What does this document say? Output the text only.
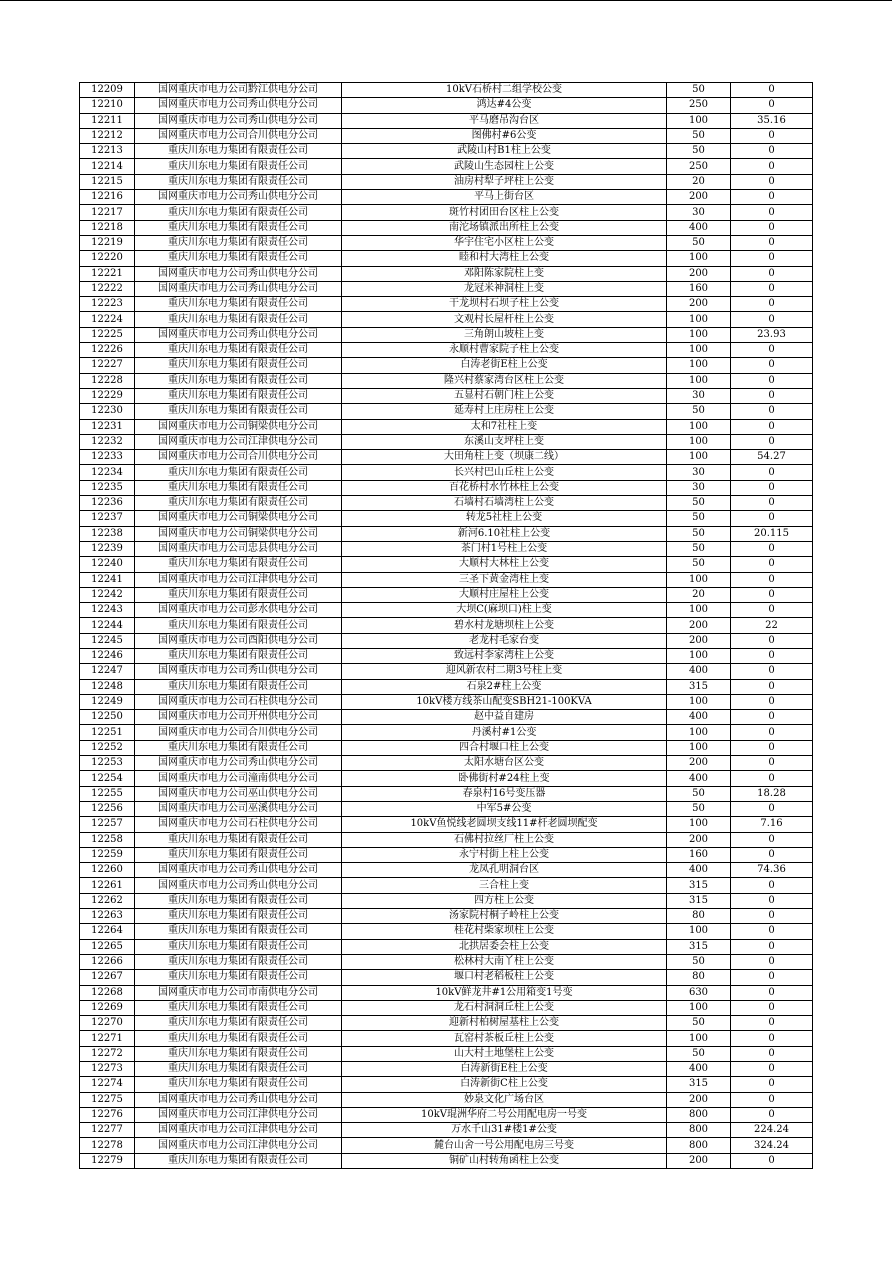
12209	国网重庆市电力公司黔江供电分公司	10kV石桥村二组学校公变	50	0
12210	国网重庆市电力公司秀山供电分公司	鸿达#4公变	250	0
12211	国网重庆市电力公司秀山供电分公司	平马磨吊沟台区	100	35.16
12212	国网重庆市电力公司合川供电分公司	图佛村#6公变	50	0
12213	重庆川东电力集团有限责任公司	武陵山村B1柱上公变	50	0
12214	重庆川东电力集团有限责任公司	武陵山生态园柱上公变	250	0
12215	重庆川东电力集团有限责任公司	油房村犁子坪柱上公变	20	0
12216	国网重庆市电力公司秀山供电分公司	平马上街台区	200	0
12217	重庆川东电力集团有限责任公司	斑竹村团田台区柱上公变	30	0
12218	重庆川东电力集团有限责任公司	南沱场镇派出所柱上公变	400	0
12219	重庆川东电力集团有限责任公司	华宇住宅小区柱上公变	50	0
12220	重庆川东电力集团有限责任公司	睦和村大湾柱上公变	100	0
12221	国网重庆市电力公司秀山供电分公司	邓阳陈家院柱上变	200	0
12222	国网重庆市电力公司秀山供电分公司	龙冠米神洞柱上变	160	0
12223	重庆川东电力集团有限责任公司	干龙坝村石坝子柱上公变	200	0
12224	重庆川东电力集团有限责任公司	文观村长屋杆柱上公变	100	0
12225	国网重庆市电力公司秀山供电分公司	三角朗山坡柱上变	100	23.93
12226	重庆川东电力集团有限责任公司	永顺村曹家院子柱上公变	100	0
12227	重庆川东电力集团有限责任公司	白涛老街E柱上公变	100	0
12228	重庆川东电力集团有限责任公司	隆兴村蔡家湾台区柱上公变	100	0
12229	重庆川东电力集团有限责任公司	五显村石朝门柱上公变	30	0
12230	重庆川东电力集团有限责任公司	延寿村上庄房柱上公变	50	0
12231	国网重庆市电力公司铜梁供电分公司	太和7社柱上变	100	0
12232	国网重庆市电力公司江津供电分公司	东溪山支坪柱上变	100	0
12233	国网重庆市电力公司合川供电分公司	大田角柱上变（坝康二线）	100	54.27
12234	重庆川东电力集团有限责任公司	长兴村巴山丘柱上公变	30	0
12235	重庆川东电力集团有限责任公司	百花桥村水竹林柱上公变	30	0
12236	重庆川东电力集团有限责任公司	石墙村石墙湾柱上公变	50	0
12237	国网重庆市电力公司铜梁供电分公司	转龙5社柱上公变	50	0
12238	国网重庆市电力公司铜梁供电分公司	新河6.10社柱上公变	50	20.115
12239	国网重庆市电力公司忠县供电分公司	茶门村1号柱上公变	50	0
12240	重庆川东电力集团有限责任公司	大顺村大林柱上公变	50	0
12241	国网重庆市电力公司江津供电分公司	三圣下黄金湾柱上变	100	0
12242	重庆川东电力集团有限责任公司	大顺村庄屋柱上公变	20	0
12243	国网重庆市电力公司彭水供电分公司	大坝C(麻坝口)柱上变	100	0
12244	重庆川东电力集团有限责任公司	碧水村龙塘坝柱上公变	200	22
12245	国网重庆市电力公司酉阳供电分公司	老龙村毛家台变	200	0
12246	重庆川东电力集团有限责任公司	致远村李家湾柱上公变	100	0
12247	国网重庆市电力公司秀山供电分公司	迎风新农村二期3号柱上变	400	0
12248	重庆川东电力集团有限责任公司	石泉2#柱上公变	315	0
12249	国网重庆市电力公司石柱供电分公司	10kV楼方线茶山配变SBH21-100KVA	100	0
12250	国网重庆市电力公司开州供电分公司	赵中益自建房	400	0
12251	国网重庆市电力公司合川供电分公司	丹溪村#1公变	100	0
12252	重庆川东电力集团有限责任公司	四合村堰口柱上公变	100	0
12253	国网重庆市电力公司秀山供电分公司	太阳水塘台区公变	200	0
12254	国网重庆市电力公司潼南供电分公司	卧佛街村#24柱上变	400	0
12255	国网重庆市电力公司巫山供电分公司	春泉村16号变压器	50	18.28
12256	国网重庆市电力公司巫溪供电分公司	中军5#公变	50	0
12257	国网重庆市电力公司石柱供电分公司	10kV鱼悦线老圆坝支线11#杆老圆坝配变	100	7.16
12258	重庆川东电力集团有限责任公司	石佛村拉丝厂柱上公变	200	0
12259	重庆川东电力集团有限责任公司	永宁村街上柱上公变	160	0
12260	国网重庆市电力公司秀山供电分公司	龙凤孔明洞台区	400	74.36
12261	国网重庆市电力公司秀山供电分公司	三合柱上变	315	0
12262	重庆川东电力集团有限责任公司	四方柱上公变	315	0
12263	重庆川东电力集团有限责任公司	汤家院村桐子岭柱上公变	80	0
12264	重庆川东电力集团有限责任公司	桂花村柴家坝柱上公变	100	0
12265	重庆川东电力集团有限责任公司	北拱居委会柱上公变	315	0
12266	重庆川东电力集团有限责任公司	松林村大南丫柱上公变	50	0
12267	重庆川东电力集团有限责任公司	堰口村老稻板柱上公变	80	0
12268	国网重庆市电力公司市南供电分公司	10kV鲜龙井#1公用箱变1号变	630	0
12269	重庆川东电力集团有限责任公司	龙石村洞洞丘柱上公变	100	0
12270	重庆川东电力集团有限责任公司	迎新村柏树屋基柱上公变	50	0
12271	重庆川东电力集团有限责任公司	瓦窑村茶板丘柱上公变	100	0
12272	重庆川东电力集团有限责任公司	山大村土地堡柱上公变	50	0
12273	重庆川东电力集团有限责任公司	白涛新街E柱上公变	400	0
12274	重庆川东电力集团有限责任公司	白涛新街C柱上公变	315	0
12275	国网重庆市电力公司秀山供电分公司	妙泉文化广场台区	200	0
12276	国网重庆市电力公司江津供电分公司	10kV琨洲华府二号公用配电房一号变	800	0
12277	国网重庆市电力公司江津供电分公司	万水千山31#楼1#公变	800	224.24
12278	国网重庆市电力公司江津供电分公司	麓台山舍一号公用配电房三号变	800	324.24
12279	重庆川东电力集团有限责任公司	铜矿山村转角函柱上公变	200	0
